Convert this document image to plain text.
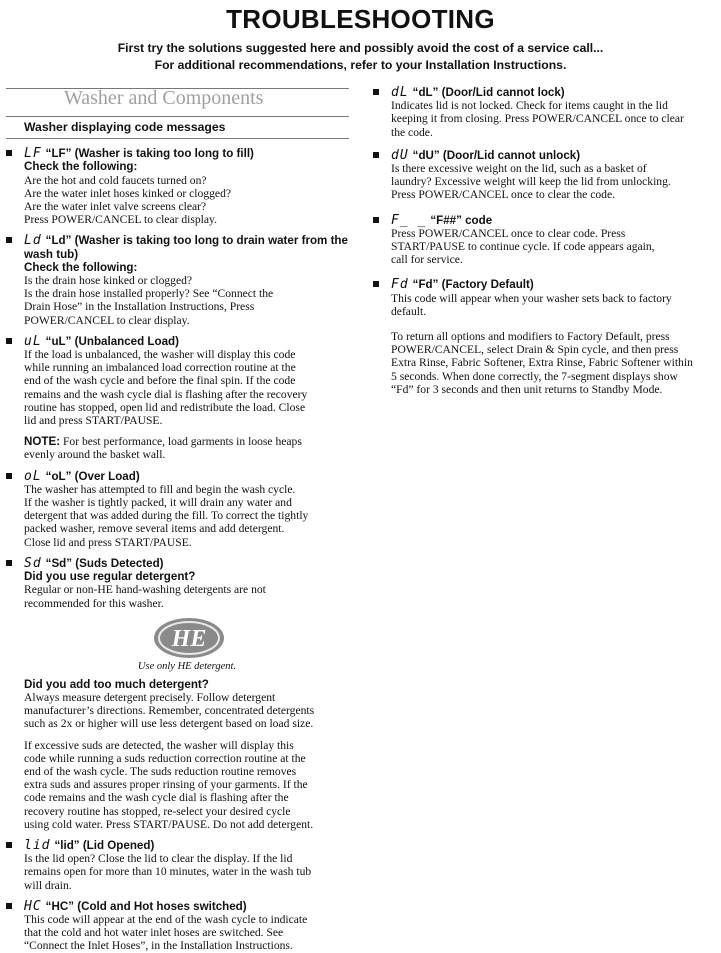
TROUBLESHOOTING
First try the solutions suggested here and possibly avoid the cost of a service call...
For additional recommendations, refer to your Installation Instructions.
Washer and Components
Washer displaying code messages
LF “LF” (Washer is taking too long to fill)
Check the following:
Are the hot and cold faucets turned on?
Are the water inlet hoses kinked or clogged?
Are the water inlet valve screens clear?
Press POWER/CANCEL to clear display.
Ld “Ld” (Washer is taking too long to drain water from the
wash tub)
Check the following:
Is the drain hose kinked or clogged?
Is the drain hose installed properly? See “Connect the
Drain Hose” in the Installation Instructions, Press
POWER/CANCEL to clear display.
uL “uL” (Unbalanced Load)
If the load is unbalanced, the washer will display this code
while running an imbalanced load correction routine at the
end of the wash cycle and before the final spin. If the code
remains and the wash cycle dial is flashing after the recovery
routine has stopped, open lid and redistribute the load. Close
lid and press START/PAUSE.
NOTE: For best performance, load garments in loose heaps
evenly around the basket wall.
oL “oL” (Over Load)
The washer has attempted to fill and begin the wash cycle.
If the washer is tightly packed, it will drain any water and
detergent that was added during the fill. To correct the tightly
packed washer, remove several items and add detergent.
Close lid and press START/PAUSE.
Sd “Sd” (Suds Detected)
Did you use regular detergent?
Regular or non-HE hand-washing detergents are not
recommended for this washer.
HE
Use only HE detergent.
Did you add too much detergent?
Always measure detergent precisely. Follow detergent
manufacturer’s directions. Remember, concentrated detergents
such as 2x or higher will use less detergent based on load size.
If excessive suds are detected, the washer will display this
code while running a suds reduction correction routine at the
end of the wash cycle. The suds reduction routine removes
extra suds and assures proper rinsing of your garments. If the
code remains and the wash cycle dial is flashing after the
recovery routine has stopped, re-select your desired cycle
using cold water. Press START/PAUSE. Do not add detergent.
lid “lid” (Lid Opened)
Is the lid open? Close the lid to clear the display. If the lid
remains open for more than 10 minutes, water in the wash tub
will drain.
HC “HC” (Cold and Hot hoses switched)
This code will appear at the end of the wash cycle to indicate
that the cold and hot water inlet hoses are switched. See
“Connect the Inlet Hoses”, in the Installation Instructions.
dL “dL” (Door/Lid cannot lock)
Indicates lid is not locked. Check for items caught in the lid
keeping it from closing. Press POWER/CANCEL once to clear
the code.
dU “dU” (Door/Lid cannot unlock)
Is there excessive weight on the lid, such as a basket of
laundry? Excessive weight will keep the lid from unlocking.
Press POWER/CANCEL once to clear the code.
F_ _ “F##” code
Press POWER/CANCEL once to clear code. Press
START/PAUSE to continue cycle. If code appears again,
call for service.
Fd “Fd” (Factory Default)
This code will appear when your washer sets back to factory
default.
To return all options and modifiers to Factory Default, press
POWER/CANCEL, select Drain & Spin cycle, and then press
Extra Rinse, Fabric Softener, Extra Rinse, Fabric Softener within
5 seconds. When done correctly, the 7-segment displays show
“Fd” for 3 seconds and then unit returns to Standby Mode.
